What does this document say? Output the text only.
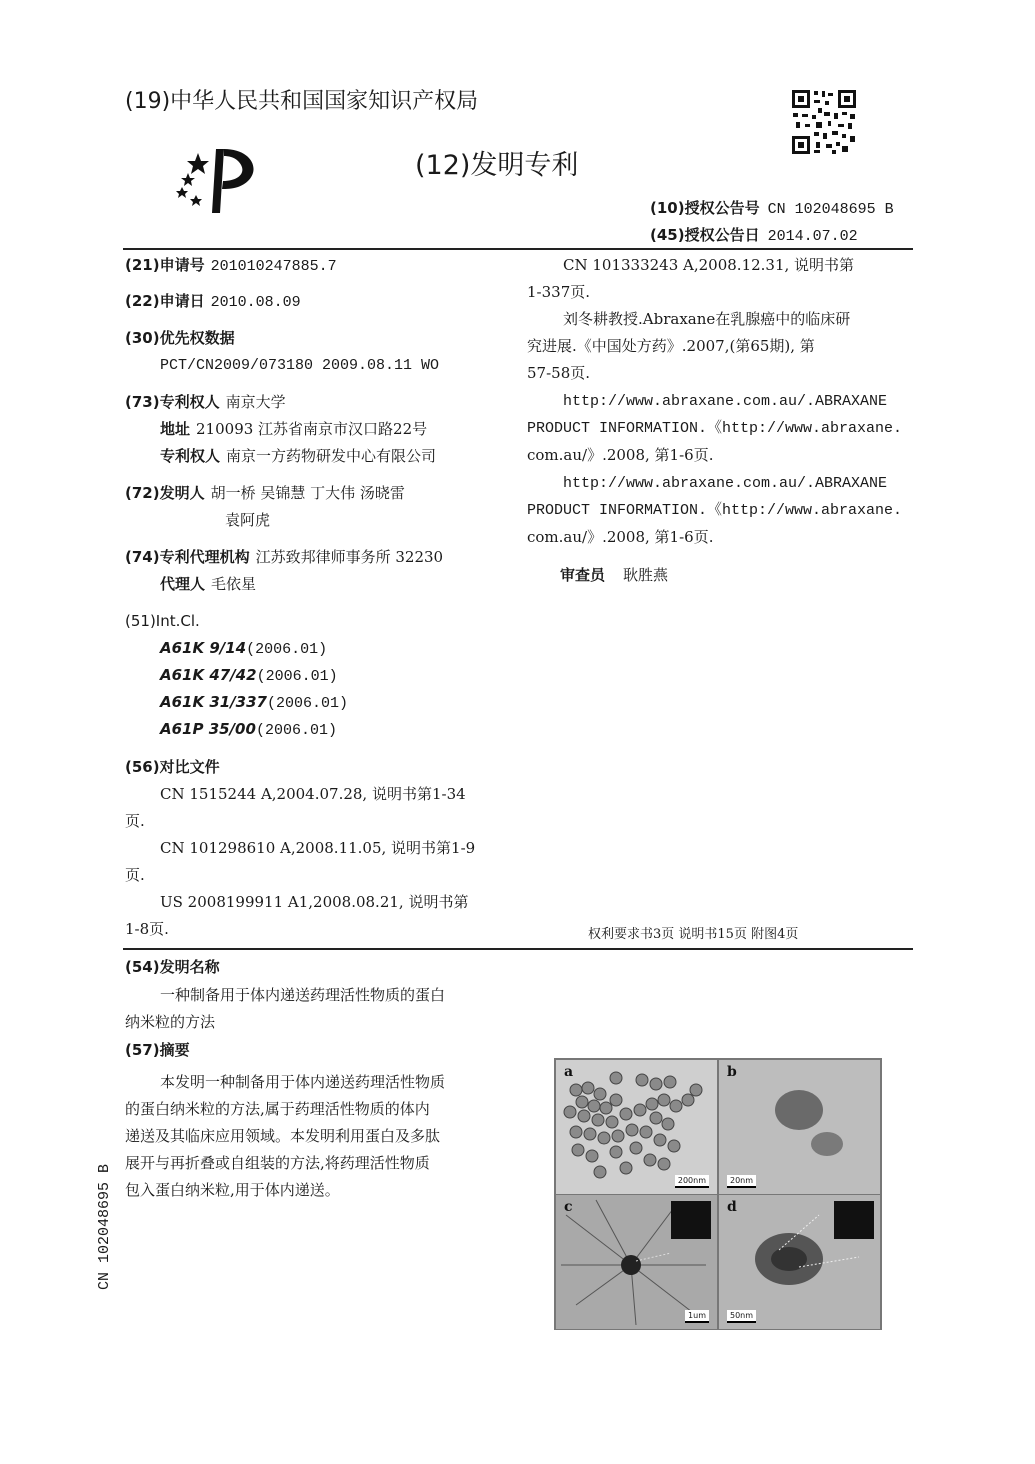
(19)中华人民共和国国家知识产权局
(12)发明专利
(10)授权公告号 CN 102048695 B
(45)授权公告日 2014.07.02
(21)申请号 201010247885.7
(22)申请日 2010.08.09
(30)优先权数据
PCT/CN2009/073180 2009.08.11 WO
(73)专利权人 南京大学
地址 210093 江苏省南京市汉口路22号
专利权人 南京一方药物研发中心有限公司
(72)发明人 胡一桥 吴锦慧 丁大伟 汤晓雷
袁阿虎
(74)专利代理机构 江苏致邦律师事务所 32230
代理人 毛依星
(51)Int.Cl.
A61K 9/14(2006.01)
A61K 47/42(2006.01)
A61K 31/337(2006.01)
A61P 35/00(2006.01)
(56)对比文件
CN 1515244 A,2004.07.28, 说明书第1-34
页.
CN 101298610 A,2008.11.05, 说明书第1-9
页.
US 2008199911 A1,2008.08.21, 说明书第
1-8页.
CN 101333243 A,2008.12.31, 说明书第
1-337页.
刘冬耕教授.Abraxane在乳腺癌中的临床研
究进展.《中国处方药》.2007,(第65期), 第
57-58页.
http://www.abraxane.com.au/.ABRAXANE
PRODUCT INFORMATION.《http://www.abraxane.
com.au/》.2008, 第1-6页.
http://www.abraxane.com.au/.ABRAXANE
PRODUCT INFORMATION.《http://www.abraxane.
com.au/》.2008, 第1-6页.
审查员 耿胜燕
权利要求书3页 说明书15页 附图4页
(54)发明名称
一种制备用于体内递送药理活性物质的蛋白
纳米粒的方法
(57)摘要
本发明一种制备用于体内递送药理活性物质
的蛋白纳米粒的方法,属于药理活性物质的体内
递送及其临床应用领域。本发明利用蛋白及多肽
展开与再折叠或自组装的方法,将药理活性物质
包入蛋白纳米粒,用于体内递送。
CN 102048695 B
a
200nm
b
20nm
c
1um
d
50nm
